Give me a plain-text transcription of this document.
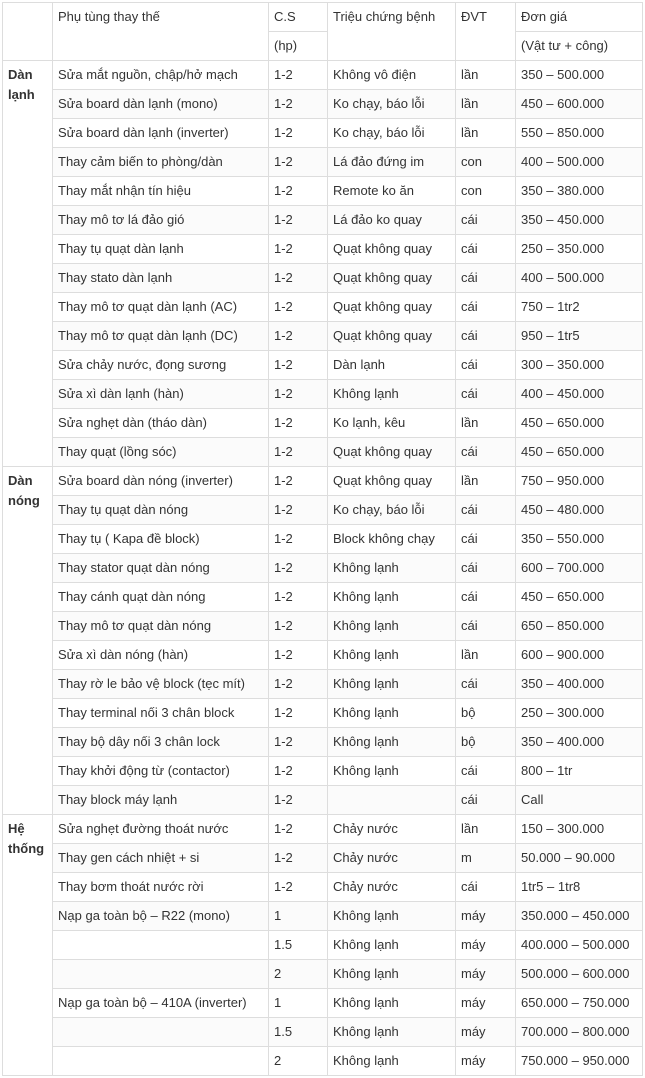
	Phụ tùng thay thế	C.S	Triệu chứng bệnh	ĐVT	Đơn giá
		(hp)			(Vật tư + công)
Dàn lạnh	Sửa mắt nguồn, chập/hở mạch	1-2	Không vô điện	lần	350 – 500.000
	Sửa board dàn lạnh (mono)	1-2	Ko chạy, báo lỗi	lần	450 – 600.000
	Sửa board dàn lạnh (inverter)	1-2	Ko chạy, báo lỗi	lần	550 – 850.000
	Thay cảm biến to phòng/dàn	1-2	Lá đảo đứng im	con	400 – 500.000
	Thay mắt nhận tín hiệu	1-2	Remote ko ăn	con	350 – 380.000
	Thay mô tơ lá đảo gió	1-2	Lá đảo ko quay	cái	350 – 450.000
	Thay tụ quạt dàn lạnh	1-2	Quạt không quay	cái	250 – 350.000
	Thay stato dàn lạnh	1-2	Quạt không quay	cái	400 – 500.000
	Thay mô tơ quạt dàn lạnh (AC)	1-2	Quạt không quay	cái	750 – 1tr2
	Thay mô tơ quạt dàn lạnh (DC)	1-2	Quạt không quay	cái	950 – 1tr5
	Sửa chảy nước, đọng sương	1-2	Dàn lạnh	cái	300 – 350.000
	Sửa xì dàn lạnh (hàn)	1-2	Không lạnh	cái	400 – 450.000
	Sửa nghẹt dàn (tháo dàn)	1-2	Ko lạnh, kêu	lần	450 – 650.000
	Thay quạt (lồng sóc)	1-2	Quạt không quay	cái	450 – 650.000
Dàn nóng	Sửa board dàn nóng (inverter)	1-2	Quạt không quay	lần	750 – 950.000
	Thay tụ quạt dàn nóng	1-2	Ko chạy, báo lỗi	cái	450 – 480.000
	Thay tụ ( Kapa đề block)	1-2	Block không chạy	cái	350 – 550.000
	Thay stator quạt dàn nóng	1-2	Không lạnh	cái	600 – 700.000
	Thay cánh quạt dàn nóng	1-2	Không lạnh	cái	450 – 650.000
	Thay mô tơ quạt dàn nóng	1-2	Không lạnh	cái	650 – 850.000
	Sửa xì dàn nóng (hàn)	1-2	Không lạnh	lần	600 – 900.000
	Thay rờ le bảo vệ block (tẹc mít)	1-2	Không lạnh	cái	350 – 400.000
	Thay terminal nối 3 chân block	1-2	Không lạnh	bộ	250 – 300.000
	Thay bộ dây nối 3 chân lock	1-2	Không lạnh	bộ	350 – 400.000
	Thay khởi động từ (contactor)	1-2	Không lạnh	cái	800 – 1tr
	Thay block máy lạnh	1-2		cái	Call
Hệ thống	Sửa nghẹt đường thoát nước	1-2	Chảy nước	lần	150 – 300.000
	Thay gen cách nhiệt + si	1-2	Chảy nước	m	50.000 – 90.000
	Thay bơm thoát nước rời	1-2	Chảy nước	cái	1tr5 – 1tr8
	Nạp ga toàn bộ – R22 (mono)	1	Không lạnh	máy	350.000 – 450.000
		1.5	Không lạnh	máy	400.000 – 500.000
		2	Không lạnh	máy	500.000 – 600.000
	Nạp ga toàn bộ – 410A (inverter)	1	Không lạnh	máy	650.000 – 750.000
		1.5	Không lạnh	máy	700.000 – 800.000
		2	Không lạnh	máy	750.000 – 950.000
